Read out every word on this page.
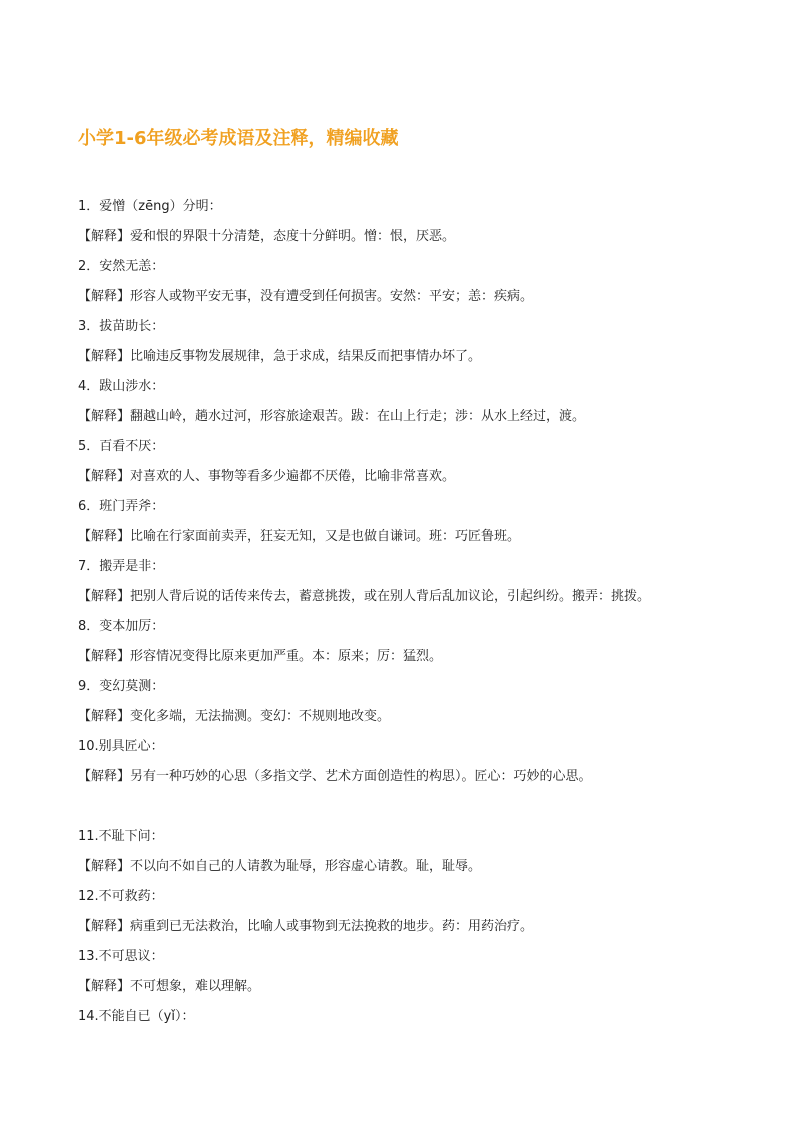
小学1-6年级必考成语及注释，精编收藏
1．爱憎（zēng）分明：
【解释】爱和恨的界限十分清楚，态度十分鲜明。憎：恨，厌恶。
2．安然无恙：
【解释】形容人或物平安无事，没有遭受到任何损害。安然：平安；恙：疾病。
3．拔苗助长：
【解释】比喻违反事物发展规律，急于求成，结果反而把事情办坏了。
4．跋山涉水：
【解释】翻越山岭，趟水过河，形容旅途艰苦。跋：在山上行走；涉：从水上经过，渡。
5．百看不厌：
【解释】对喜欢的人、事物等看多少遍都不厌倦，比喻非常喜欢。
6．班门弄斧：
【解释】比喻在行家面前卖弄，狂妄无知，又是也做自谦词。班：巧匠鲁班。
7．搬弄是非：
【解释】把别人背后说的话传来传去，蓄意挑拨，或在别人背后乱加议论，引起纠纷。搬弄：挑拨。
8．变本加厉：
【解释】形容情况变得比原来更加严重。本：原来；厉：猛烈。
9．变幻莫测：
【解释】变化多端，无法揣测。变幻：不规则地改变。
10.别具匠心：
【解释】另有一种巧妙的心思（多指文学、艺术方面创造性的构思）。匠心：巧妙的心思。
11.不耻下问：
【解释】不以向不如自己的人请教为耻辱，形容虚心请教。耻，耻辱。
12.不可救药：
【解释】病重到已无法救治，比喻人或事物到无法挽救的地步。药：用药治疗。
13.不可思议：
【解释】不可想象，难以理解。
14.不能自已（yǐ）：
